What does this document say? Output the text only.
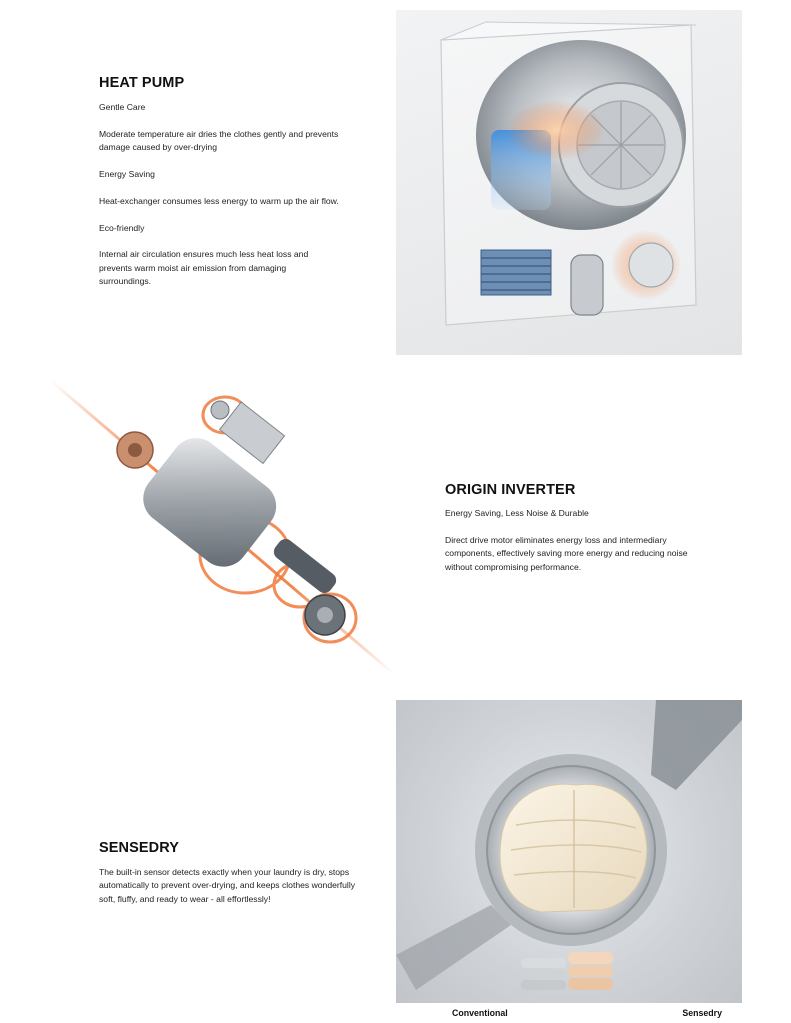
HEAT PUMP

Gentle Care

Moderate temperature air dries the clothes gently and prevents damage caused by over-drying

Energy Saving

Heat-exchanger consumes less energy to warm up the air flow.

Eco-friendly

Internal air circulation ensures much less heat loss and prevents warm moist air emission from damaging surroundings.

ORIGIN INVERTER

Energy Saving, Less Noise & Durable

Direct drive motor eliminates energy loss and intermediary components, effectively saving more energy and reducing noise without compromising performance.

SENSEDRY

The built-in sensor detects exactly when your laundry is dry, stops automatically to prevent over-drying, and keeps clothes wonderfully soft, fluffy, and ready to wear - all effortlessly!

Conventional	Sensedry
